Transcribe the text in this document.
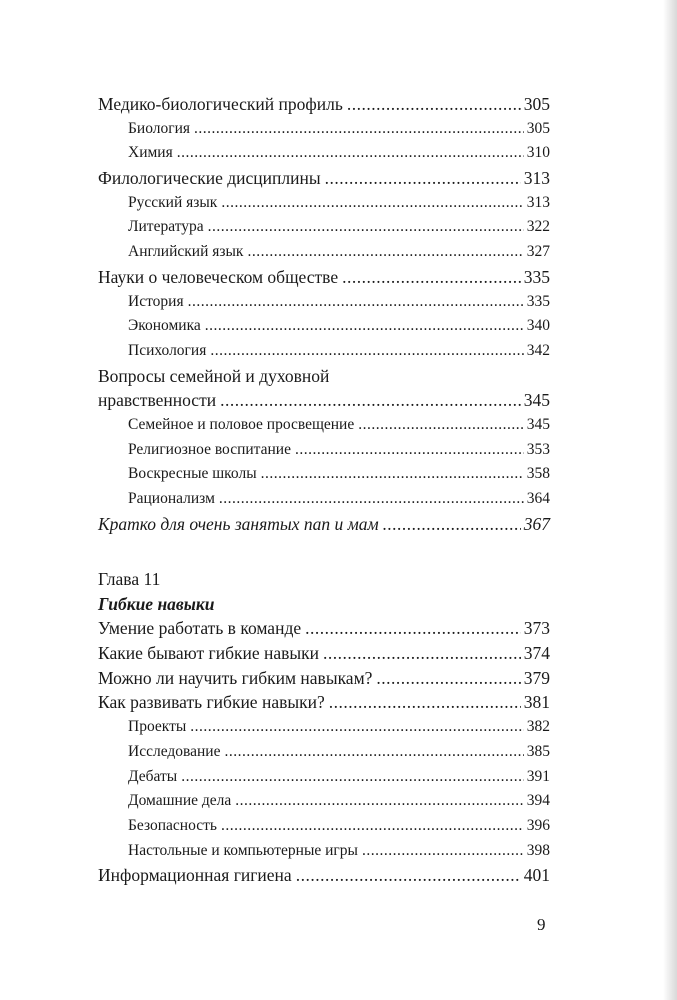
Медико-биологический профиль .....	305
Биология .....	305
Химия .....	310
Филологические дисциплины .....	313
Русский язык .....	313
Литература .....	322
Английский язык .....	327
Науки о человеческом обществе .....	335
История .....	335
Экономика .....	340
Психология .....	342
Вопросы семейной и духовной
нравственности .....	345
Семейное и половое просвещение .....	345
Религиозное воспитание .....	353
Воскресные школы .....	358
Рационализм .....	364
Кратко для очень занятых пап и мам .....	367
Глава 11
Гибкие навыки
Умение работать в команде .....	373
Какие бывают гибкие навыки .....	374
Можно ли научить гибким навыкам? .....	379
Как развивать гибкие навыки? .....	381
Проекты .....	382
Исследование .....	385
Дебаты .....	391
Домашние дела .....	394
Безопасность .....	396
Настольные и компьютерные игры .....	398
Информационная гигиена .....	401
9
